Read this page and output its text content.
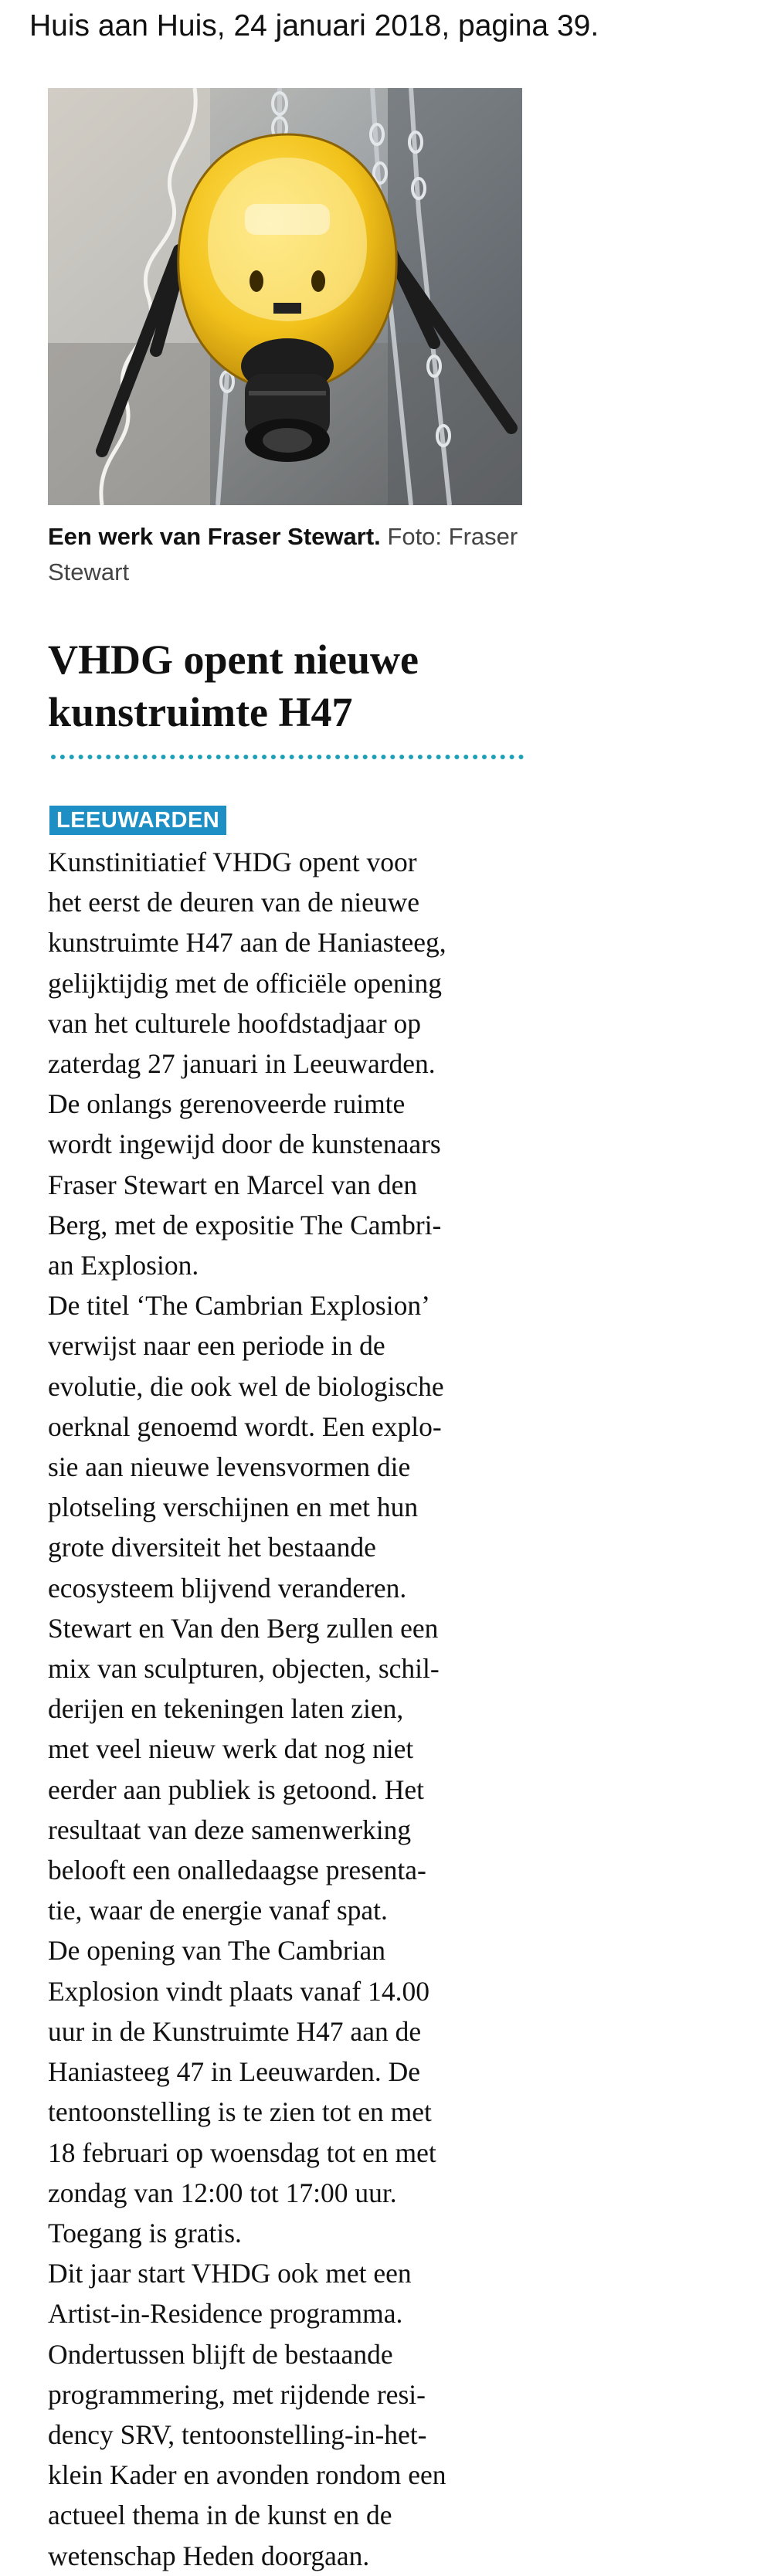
Huis aan Huis, 24 januari 2018, pagina 39.
Een werk van Fraser Stewart. Foto: Fraser
Stewart
VHDG opent nieuwe
kunstruimte H47
LEEUWARDEN
Kunstinitiatief VHDG opent voor
het eerst de deuren van de nieuwe
kunstruimte H47 aan de Haniasteeg,
gelijktijdig met de officiële opening
van het culturele hoofdstadjaar op
zaterdag 27 januari in Leeuwarden.
De onlangs gerenoveerde ruimte
wordt ingewijd door de kunstenaars
Fraser Stewart en Marcel van den
Berg, met de expositie The Cambri-
an Explosion.
De titel ‘The Cambrian Explosion’
verwijst naar een periode in de
evolutie, die ook wel de biologische
oerknal genoemd wordt. Een explo-
sie aan nieuwe levensvormen die
plotseling verschijnen en met hun
grote diversiteit het bestaande
ecosysteem blijvend veranderen.
Stewart en Van den Berg zullen een
mix van sculpturen, objecten, schil-
derijen en tekeningen laten zien,
met veel nieuw werk dat nog niet
eerder aan publiek is getoond. Het
resultaat van deze samenwerking
belooft een onalledaagse presenta-
tie, waar de energie vanaf spat.
De opening van The Cambrian
Explosion vindt plaats vanaf 14.00
uur in de Kunstruimte H47 aan de
Haniasteeg 47 in Leeuwarden. De
tentoonstelling is te zien tot en met
18 februari op woensdag tot en met
zondag van 12:00 tot 17:00 uur.
Toegang is gratis.
Dit jaar start VHDG ook met een
Artist-in-Residence programma.
Ondertussen blijft de bestaande
programmering, met rijdende resi-
dency SRV, tentoonstelling-in-het-
klein Kader en avonden rondom een
actueel thema in de kunst en de
wetenschap Heden doorgaan.
